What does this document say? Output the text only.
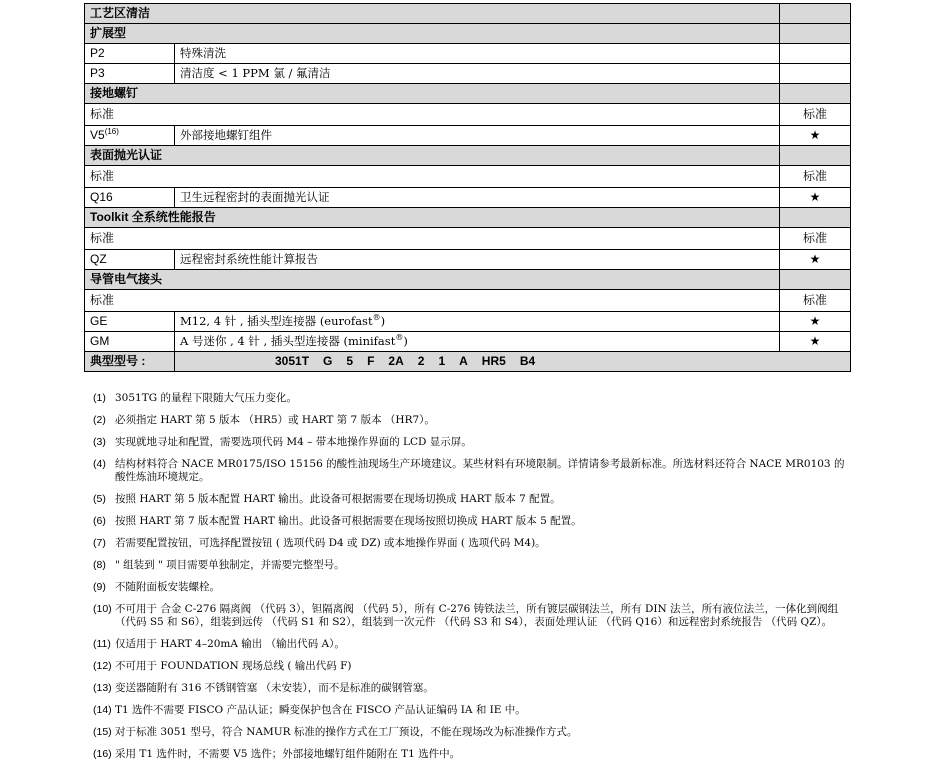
工艺区清洁		
扩展型		
P2	特殊清洗	
P3	清洁度 < 1 PPM 氯 / 氟清洁	
接地螺钉		
标准		标准
V5$^{(16)}$	外部接地螺钉组件	★
表面抛光认证		
标准		标准
Q16	卫生远程密封的表面抛光认证	★
Toolkit 全系统性能报告		
标准		标准
QZ	远程密封系统性能计算报告	★
导管电气接头		
标准		标准
GE	M12, 4 针 , 插头型连接器 (eurofast®)	★
GM	A 号迷你 , 4 针 , 插头型连接器 (minifast®)	★
典型型号 :	3051T G 5 F 2A 2 1 A HR5 B4	
(1) 3051TG 的量程下限随大气压力变化。
(2) 必须指定 HART 第 5 版本 （HR5）或 HART 第 7 版本 （HR7）。
(3) 实现就地寻址和配置，需要选项代码 M4 – 带本地操作界面的 LCD 显示屏。
(4) 结构材料符合 NACE MR0175/ISO 15156 的酸性油现场生产环境建议。某些材料有环境限制。详情请参考最新标准。所选材料还符合 NACE MR0103 的酸性炼油环境规定。
(5) 按照 HART 第 5 版本配置 HART 输出。此设备可根据需要在现场切换成 HART 版本 7 配置。
(6) 按照 HART 第 7 版本配置 HART 输出。此设备可根据需要在现场按照切换成 HART 版本 5 配置。
(7) 若需要配置按钮，可选择配置按钮 ( 选项代码 D4 或 DZ) 或本地操作界面 ( 选项代码 M4)。
(8) " 组装到 " 项目需要单独制定，并需要完整型号。
(9) 不随附面板安装螺栓。
(10) 不可用于 合金 C-276 隔离阀 （代码 3），钽隔离阀 （代码 5），所有 C-276 铸铁法兰，所有镀层碳钢法兰，所有 DIN 法兰，所有液位法兰，一体化到阀组 （代码 S5 和 S6），组装到远传 （代码 S1 和 S2），组装到一次元件 （代码 S3 和 S4），表面处理认证 （代码 Q16）和远程密封系统报告 （代码 QZ）。
(11) 仅适用于 HART 4–20mA 输出 （输出代码 A）。
(12) 不可用于 FOUNDATION 现场总线 ( 输出代码 F)
(13) 变送器随附有 316 不锈钢管塞 （未安装），而不是标准的碳钢管塞。
(14) T1 选件不需要 FISCO 产品认证；瞬变保护包含在 FISCO 产品认证编码 IA 和 IE 中。
(15) 对于标准 3051 型号，符合 NAMUR 标准的操作方式在工厂预设，不能在现场改为标准操作方式。
(16) 采用 T1 选件时，不需要 V5 选件；外部接地螺钉组件随附在 T1 选件中。
